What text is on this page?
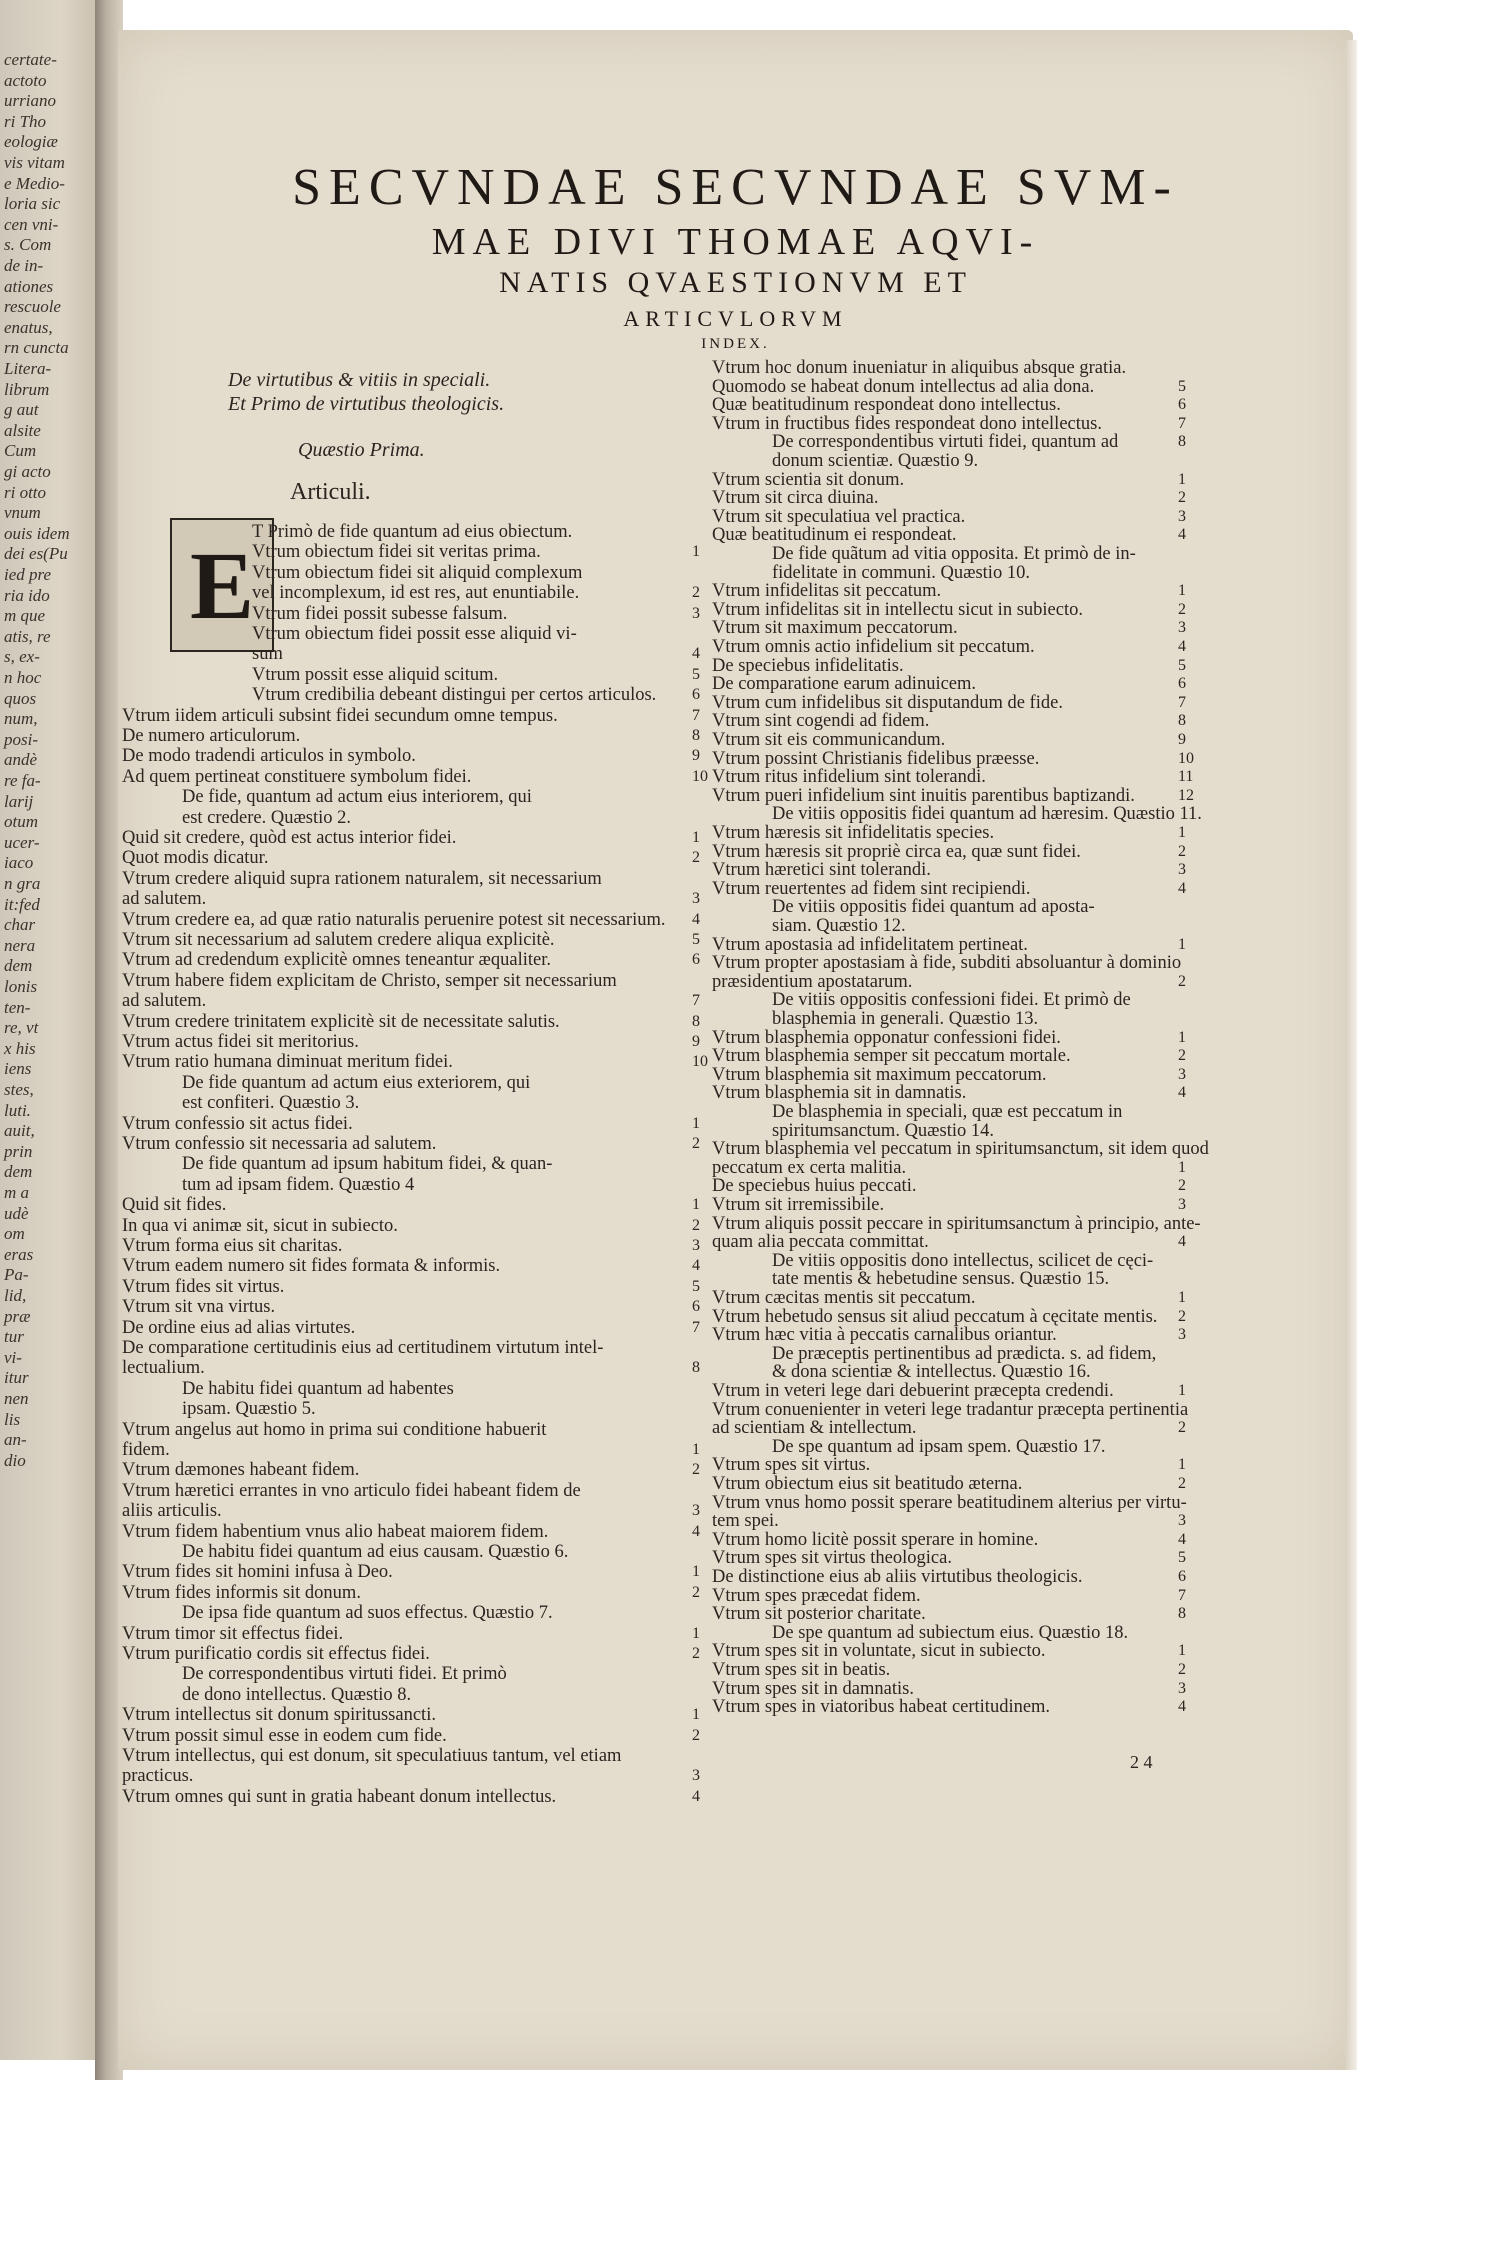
certate-
actoto
urriano
ri Tho
eologiæ
vis vitam
e Medio-
loria sic
cen vni-
s. Com
de in-
ationes
rescuole
enatus,
rn cuncta
Litera-
librum
g aut
alsite
Cum
gi acto
ri otto
vnum
ouis idem
dei es(Pu
ied pre
ria ido
m que
atis, re
s, ex-
n hoc
quos
num,
posi-
andè
re fa-
larij
otum
ucer-
iaco
n gra
it:fed
char
nera
dem
lonis
ten-
re, vt
x his
iens
stes,
luti.
auit,
prin
dem
m a
udè
om
eras
Pa-
lid,
præ
tur
vi-
itur
nen
lis
an-
dio
SECVNDAE SECVNDAE SVM-
MAE DIVI THOMAE AQVI-
NATIS QVAESTIONVM ET
ARTICVLORVM
INDEX.
De virtutibus & vitiis in speciali.
Et Primo de virtutibus theologicis.
Quæstio Prima.
Articuli.
E
T Primò de fide quantum ad eius obiectum.
Vtrum obiectum fidei sit veritas prima.	1
Vtrum obiectum fidei sit aliquid complexum
vel incomplexum, id est res, aut enuntiabile.	2
Vtrum fidei possit subesse falsum.	3
Vtrum obiectum fidei possit esse aliquid vi-
sum	4
Vtrum possit esse aliquid scitum.	5
Vtrum credibilia debeant distingui per certos articulos. 6
Vtrum iidem articuli subsint fidei secundum omne tempus.	7
De numero articulorum.	8
De modo tradendi articulos in symbolo.	9
Ad quem pertineat constituere symbolum fidei.	10
De fide, quantum ad actum eius interiorem, qui
est credere. Quæstio 2.
Quid sit credere, quòd est actus interior fidei.	1
Quot modis dicatur.	2
Vtrum credere aliquid supra rationem naturalem, sit necessarium
ad salutem.	3
Vtrum credere ea, ad quæ ratio naturalis peruenire potest sit necessarium. 4
Vtrum sit necessarium ad salutem credere aliqua explicitè.	5
Vtrum ad credendum explicitè omnes teneantur æqualiter.	6
Vtrum habere fidem explicitam de Christo, semper sit necessarium
ad salutem.	7
Vtrum credere trinitatem explicitè sit de necessitate salutis.	8
Vtrum actus fidei sit meritorius.	9
Vtrum ratio humana diminuat meritum fidei.	10
De fide quantum ad actum eius exteriorem, qui
est confiteri. Quæstio 3.
Vtrum confessio sit actus fidei.	1
Vtrum confessio sit necessaria ad salutem.	2
De fide quantum ad ipsum habitum fidei, & quan-
tum ad ipsam fidem. Quæstio 4
Quid sit fides.	1
In qua vi animæ sit, sicut in subiecto.	2
Vtrum forma eius sit charitas.	3
Vtrum eadem numero sit fides formata & informis.	4
Vtrum fides sit virtus.	5
Vtrum sit vna virtus.	6
De ordine eius ad alias virtutes.	7
De comparatione certitudinis eius ad certitudinem virtutum intel-
lectualium.	8
De habitu fidei quantum ad habentes
ipsam. Quæstio 5.
Vtrum angelus aut homo in prima sui conditione habuerit
fidem.	1
Vtrum dæmones habeant fidem.	2
Vtrum hæretici errantes in vno articulo fidei habeant fidem de
aliis articulis.	3
Vtrum fidem habentium vnus alio habeat maiorem fidem.	4
De habitu fidei quantum ad eius causam. Quæstio 6.
Vtrum fides sit homini infusa à Deo.	1
Vtrum fides informis sit donum.	2
De ipsa fide quantum ad suos effectus. Quæstio 7.
Vtrum timor sit effectus fidei.	1
Vtrum purificatio cordis sit effectus fidei.	2
De correspondentibus virtuti fidei. Et primò
de dono intellectus. Quæstio 8.
Vtrum intellectus sit donum spiritussancti.	1
Vtrum possit simul esse in eodem cum fide.	2
Vtrum intellectus, qui est donum, sit speculatiuus tantum, vel etiam
practicus.	3
Vtrum omnes qui sunt in gratia habeant donum intellectus.	4
Vtrum hoc donum inueniatur in aliquibus absque gratia.
Quomodo se habeat donum intellectus ad alia dona.	5
Quæ beatitudinum respondeat dono intellectus.	6
Vtrum in fructibus fides respondeat dono intellectus.	7
De correspondentibus virtuti fidei, quantum ad	8
donum scientiæ. Quæstio 9.
Vtrum scientia sit donum.	1
Vtrum sit circa diuina.	2
Vtrum sit speculatiua vel practica.	3
Quæ beatitudinum ei respondeat.	4
De fide quãtum ad vitia opposita. Et primò de in-
fidelitate in communi. Quæstio 10.
Vtrum infidelitas sit peccatum.	1
Vtrum infidelitas sit in intellectu sicut in subiecto.	2
Vtrum sit maximum peccatorum.	3
Vtrum omnis actio infidelium sit peccatum.	4
De speciebus infidelitatis.	5
De comparatione earum adinuicem.	6
Vtrum cum infidelibus sit disputandum de fide.	7
Vtrum sint cogendi ad fidem.	8
Vtrum sit eis communicandum.	9
Vtrum possint Christianis fidelibus præesse.	10
Vtrum ritus infidelium sint tolerandi.	11
Vtrum pueri infidelium sint inuitis parentibus baptizandi.	12
De vitiis oppositis fidei quantum ad hæresim. Quæstio 11.
Vtrum hæresis sit infidelitatis species.	1
Vtrum hæresis sit propriè circa ea, quæ sunt fidei.	2
Vtrum hæretici sint tolerandi.	3
Vtrum reuertentes ad fidem sint recipiendi.	4
De vitiis oppositis fidei quantum ad aposta-
siam. Quæstio 12.
Vtrum apostasia ad infidelitatem pertineat.	1
Vtrum propter apostasiam à fide, subditi absoluantur à dominio
præsidentium apostatarum.	2
De vitiis oppositis confessioni fidei. Et primò de
blasphemia in generali. Quæstio 13.
Vtrum blasphemia opponatur confessioni fidei.	1
Vtrum blasphemia semper sit peccatum mortale.	2
Vtrum blasphemia sit maximum peccatorum.	3
Vtrum blasphemia sit in damnatis.	4
De blasphemia in speciali, quæ est peccatum in
spiritumsanctum. Quæstio 14.
Vtrum blasphemia vel peccatum in spiritumsanctum, sit idem quod
peccatum ex certa malitia.	1
De speciebus huius peccati.	2
Vtrum sit irremissibile.	3
Vtrum aliquis possit peccare in spiritumsanctum à principio, ante-
quam alia peccata committat.	4
De vitiis oppositis dono intellectus, scilicet de cęci-
tate mentis & hebetudine sensus. Quæstio 15.
Vtrum cæcitas mentis sit peccatum.	1
Vtrum hebetudo sensus sit aliud peccatum à cęcitate mentis. 2
Vtrum hæc vitia à peccatis carnalibus oriantur.	3
De præceptis pertinentibus ad prædicta. s. ad fidem,
& dona scientiæ & intellectus. Quæstio 16.
Vtrum in veteri lege dari debuerint præcepta credendi.	1
Vtrum conuenienter in veteri lege tradantur præcepta pertinentia
ad scientiam & intellectum.	2
De spe quantum ad ipsam spem. Quæstio 17.
Vtrum spes sit virtus.	1
Vtrum obiectum eius sit beatitudo æterna.	2
Vtrum vnus homo possit sperare beatitudinem alterius per virtu-
tem spei.	3
Vtrum homo licitè possit sperare in homine.	4
Vtrum spes sit virtus theologica.	5
De distinctione eius ab aliis virtutibus theologicis.	6
Vtrum spes præcedat fidem.	7
Vtrum sit posterior charitate.	8
De spe quantum ad subiectum eius. Quæstio 18.
Vtrum spes sit in voluntate, sicut in subiecto.	1
Vtrum spes sit in beatis.	2
Vtrum spes sit in damnatis.	3
Vtrum spes in viatoribus habeat certitudinem.	4
2 4
